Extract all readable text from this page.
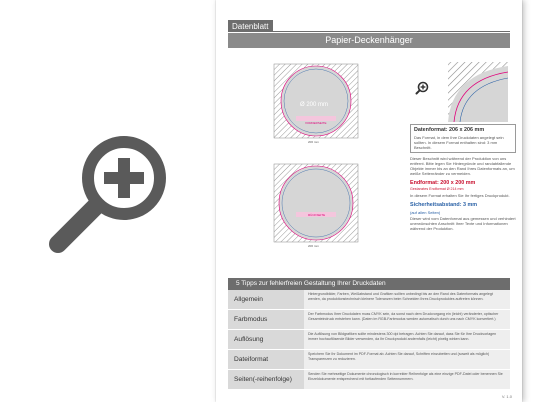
Datenblatt
Papier-Deckenhänger
Ø 200 mm
VORDERSEITE
206 mm
RÜCKSEITE
206 mm
Datenformat: 206 x 206 mm
Das Format, in dem Ihre Druckdaten angelegt sein sollten. In diesem Format enthalten sind: 3 mm Beschnitt.
Dieser Beschnitt wird während der Produktion von uns entfernt. Bitte legen Sie Hintergründe und randabfallende Objekte immer bis an den Rand Ihres Datenformats an, um weiße Seitenränder zu vermeiden.
Endformat: 200 x 200 mm
Gestanztes Endformat Ø 214 mm
In diesem Format erhalten Sie Ihr fertiges Druckprodukt.
Sicherheitsabstand: 3 mm
(auf allen Seiten)
Dieser wird vom Datenformat aus gemessen und verhindert unerwünschten Anschnitt Ihrer Texte und Informationen während der Produktion.
5 Tipps zur fehlerfreien Gestaltung Ihrer Druckdaten
Allgemein
Hintergrundbilder, Farben, Weißabstand und Grafiken sollten unbedingt bis an den Rand des Datenformats angelegt werden, da produktionstechnisch kleinere Toleranzen beim Schneiden Ihres Druckproduktes auftreten können.
Farbmodus
Der Farbmodus Ihrer Druckdaten muss CMYK sein, da sonst nach dem Druckvorgang ein (leicht) veränderter, optischer Gesamteindruck entstehen kann. (Daten im RGB-Farbmodus werden automatisch durch uns nach CMYK konvertiert.)
Auflösung
Die Auflösung von Bildgrafiken sollte mindestens 300 dpi betragen. Achten Sie darauf, dass Sie für Ihre Druckvorlagen immer hochauflösende Bilder verwenden, da Ihr Druckprodukt andernfalls (leicht) pixelig wirken kann.
Dateiformat
Speichern Sie Ihr Dokument im PDF-Format ab. Achten Sie darauf, Schriften einzubetten und (soweit als möglich) Transparenzen zu reduzieren.
Seiten(-reihenfolge)
Senden Sie mehrseitige Dokumente chronologisch in korrekter Reihenfolge als eine einzige PDF-Datei oder benennen Sie Einzeldokumente entsprechend mit fortlaufenden Seitennummern.
V. 1.0
